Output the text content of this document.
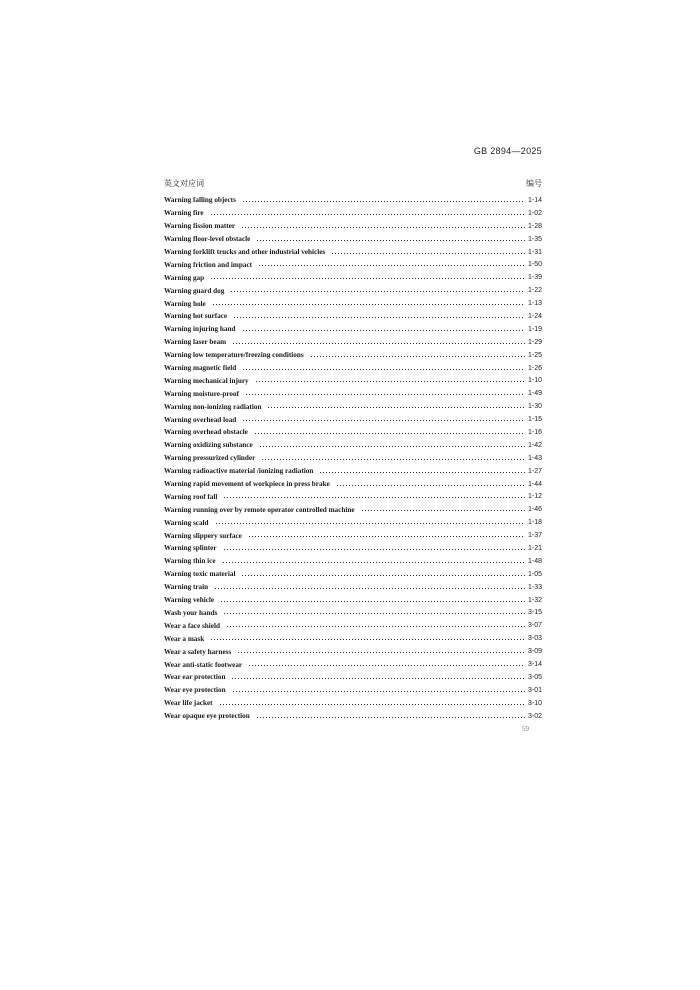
GB 2894—2025
英文对应词	编号
Warning falling objects	1-14
Warning fire	1-02
Warning fission matter	1-28
Warning floor-level obstacle	1-35
Warning forklift trucks and other industrial vehicles	1-31
Warning friction and impact	1-50
Warning gap	1-39
Warning guard dog	1-22
Warning hole	1-13
Warning hot surface	1-24
Warning injuring hand	1-19
Warning laser beam	1-29
Warning low temperature/freezing conditions	1-25
Warning magnetic field	1-26
Warning mechanical injury	1-10
Warning moisture-proof	1-49
Warning non-ionizing radiation	1-30
Warning overhead load	1-15
Warning overhead obstacle	1-16
Warning oxidizing substance	1-42
Warning pressurized cylinder	1-43
Warning radioactive material /ionizing radiation	1-27
Warning rapid movement of workpiece in press brake	1-44
Warning roof fall	1-12
Warning running over by remote operator controlled machine	1-46
Warning scald	1-18
Warning slippery surface	1-37
Warning splinter	1-21
Warning thin ice	1-48
Warning toxic material	1-05
Warning train	1-33
Warning vehicle	1-32
Wash your hands	3-15
Wear a face shield	3-07
Wear a mask	3-03
Wear a safety harness	3-09
Wear anti-static footwear	3-14
Wear ear protection	3-05
Wear eye protection	3-01
Wear life jacket	3-10
Wear opaque eye protection	3-02
59
